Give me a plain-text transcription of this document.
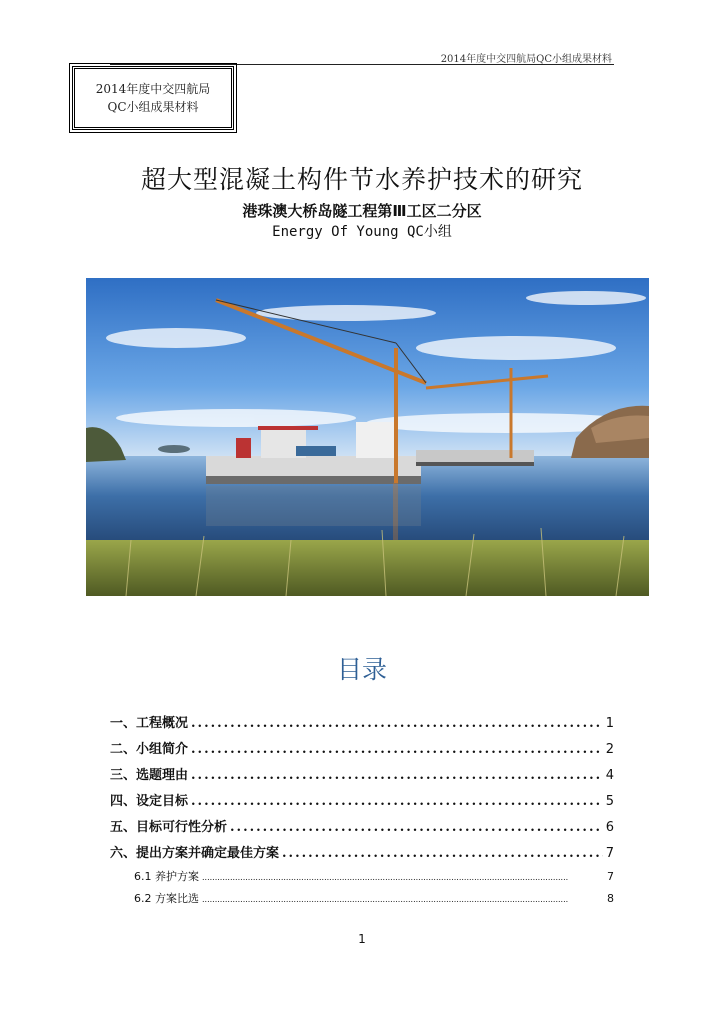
2014年度中交四航局QC小组成果材料
2014年度中交四航局
QC小组成果材料
超大型混凝土构件节水养护技术的研究
港珠澳大桥岛隧工程第Ⅲ工区二分区
Energy Of Young QC小组
目录
一、工程概况 .....	1
二、小组简介 .....	2
三、选题理由 .....	4
四、设定目标 .....	5
五、目标可行性分析 .....	6
六、提出方案并确定最佳方案 .....	7
6.1 养护方案 .....	7
6.2 方案比选 .....	8
1
